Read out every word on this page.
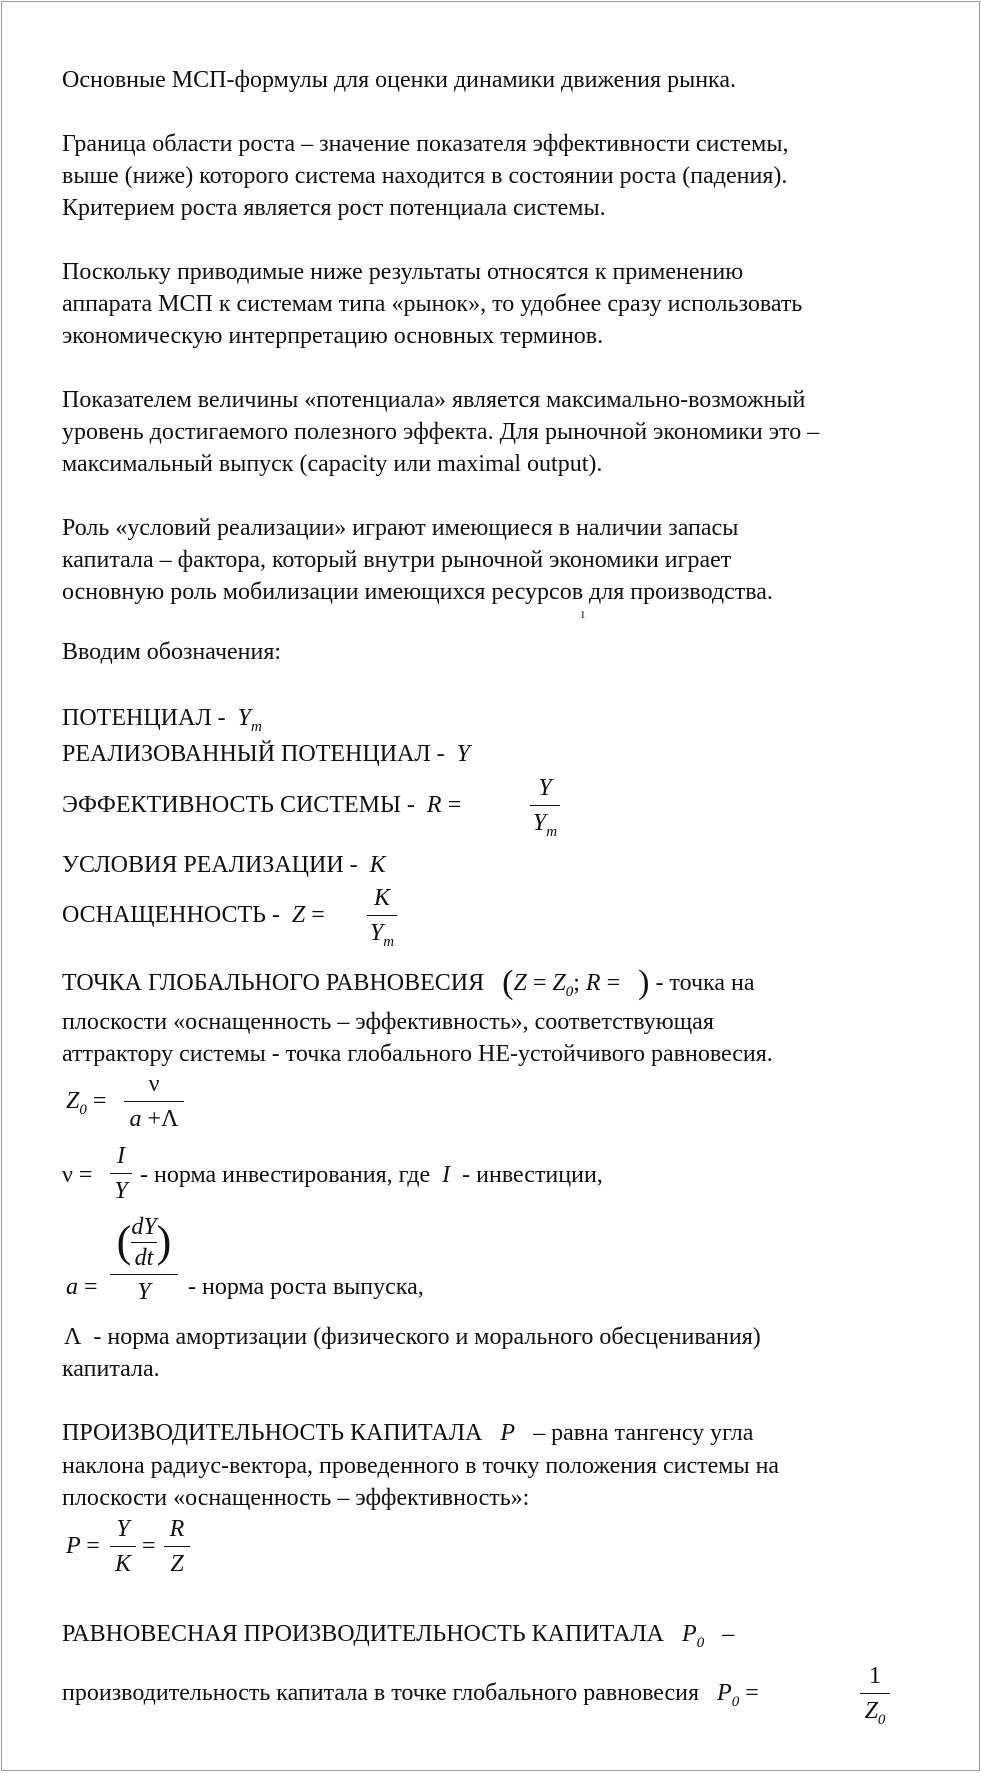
Основные МСП-формулы для оценки динамики движения рынка.
Граница области роста – значение показателя эффективности системы,
выше (ниже) которого система находится в состоянии роста (падения).
Критерием роста является рост потенциала системы.
Поскольку приводимые ниже результаты относятся к применению
аппарата МСП к системам типа «рынок», то удобнее сразу использовать
экономическую интерпретацию основных терминов.
Показателем величины «потенциала» является максимально-возможный
уровень достигаемого полезного эффекта. Для рыночной экономики это –
максимальный выпуск (capacity или maximal output).
Роль «условий реализации» играют имеющиеся в наличии запасы
капитала – фактора, который внутри рыночной экономики играет
основную роль мобилизации имеющихся ресурсов для производства.
1
Вводим обозначения:
ПОТЕНЦИАЛ -  $Y_m$
РЕАЛИЗОВАННЫЙ ПОТЕНЦИАЛ -  Y
ЭФФЕКТИВНОСТЬ СИСТЕМЫ -  R =
Y
$Y_m$
УСЛОВИЯ РЕАЛИЗАЦИИ -  K
ОСНАЩЕННОСТЬ -  Z =
K
$Y_m$
ТОЧКА ГЛОБАЛЬНОГО РАВНОВЕСИЯ ($Z = Z_0$; R = ) - точка на
плоскости «оснащенность – эффективность», соответствующая
аттрактору системы - точка глобального НЕ-устойчивого равновесия.
$Z_0$ =
ν
a +Λ
ν =
I
Y
- норма инвестирования, где  I  - инвестиции,
a =
( $\frac{dY}{dt}$ )
Y	- норма роста выпуска,
Λ  - норма амортизации (физического и морального обесценивания)
капитала.
ПРОИЗВОДИТЕЛЬНОСТЬ КАПИТАЛА   P   – равна тангенсу угла
наклона радиус-вектора, проведенного в точку положения системы на
плоскости «оснащенность – эффективность»:
P =
Y
K
=
R
Z
РАВНОВЕСНАЯ ПРОИЗВОДИТЕЛЬНОСТЬ КАПИТАЛА   $P_0$ –
производительность капитала в точке глобального равновесия   $P_0$ =
1
$Z_0$
